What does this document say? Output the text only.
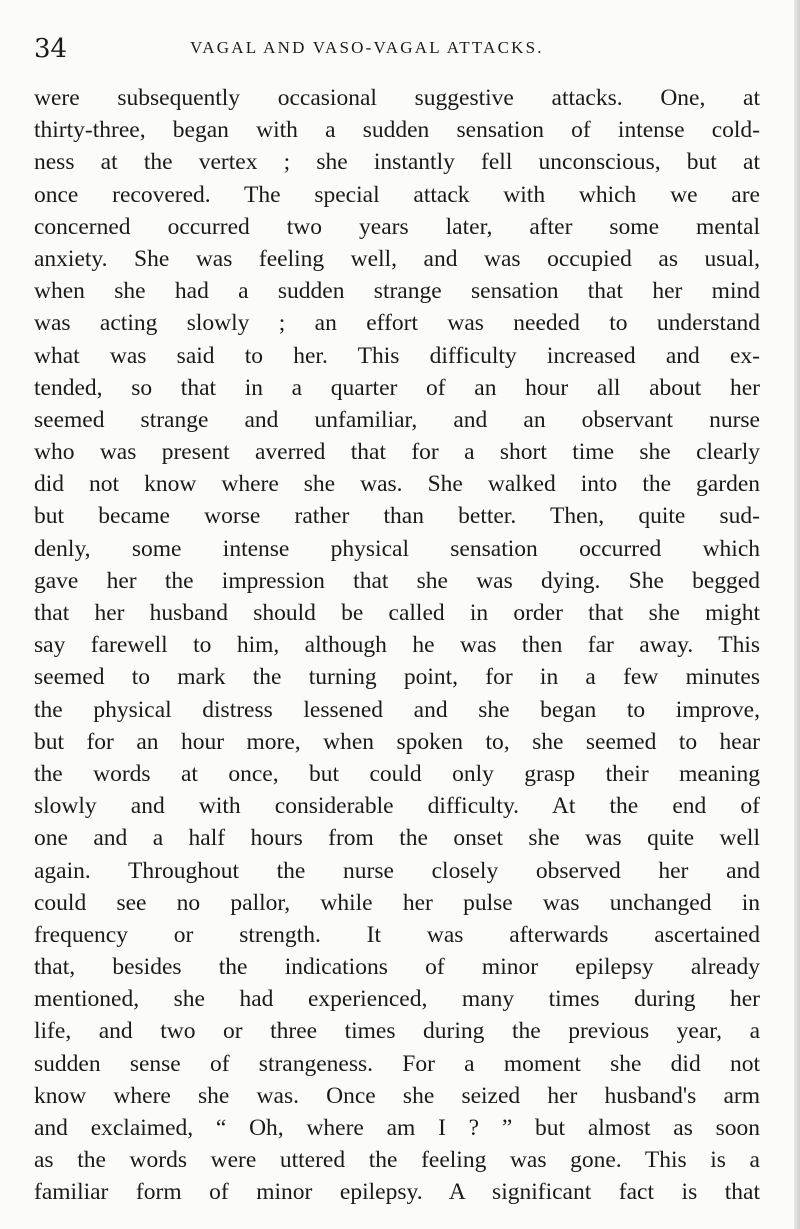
34	VAGAL AND VASO-VAGAL ATTACKS.
were subsequently occasional suggestive attacks. One, at
thirty-three, began with a sudden sensation of intense cold-
ness at the vertex ; she instantly fell unconscious, but at
once recovered. The special attack with which we are
concerned occurred two years later, after some mental
anxiety. She was feeling well, and was occupied as usual,
when she had a sudden strange sensation that her mind
was acting slowly ; an effort was needed to understand
what was said to her. This difficulty increased and ex-
tended, so that in a quarter of an hour all about her
seemed strange and unfamiliar, and an observant nurse
who was present averred that for a short time she clearly
did not know where she was. She walked into the garden
but became worse rather than better. Then, quite sud-
denly, some intense physical sensation occurred which
gave her the impression that she was dying. She begged
that her husband should be called in order that she might
say farewell to him, although he was then far away. This
seemed to mark the turning point, for in a few minutes
the physical distress lessened and she began to improve,
but for an hour more, when spoken to, she seemed to hear
the words at once, but could only grasp their meaning
slowly and with considerable difficulty. At the end of
one and a half hours from the onset she was quite well
again. Throughout the nurse closely observed her and
could see no pallor, while her pulse was unchanged in
frequency or strength. It was afterwards ascertained
that, besides the indications of minor epilepsy already
mentioned, she had experienced, many times during her
life, and two or three times during the previous year, a
sudden sense of strangeness. For a moment she did not
know where she was. Once she seized her husband's arm
and exclaimed, “ Oh, where am I ? ” but almost as soon
as the words were uttered the feeling was gone. This is a
familiar form of minor epilepsy. A significant fact is that
